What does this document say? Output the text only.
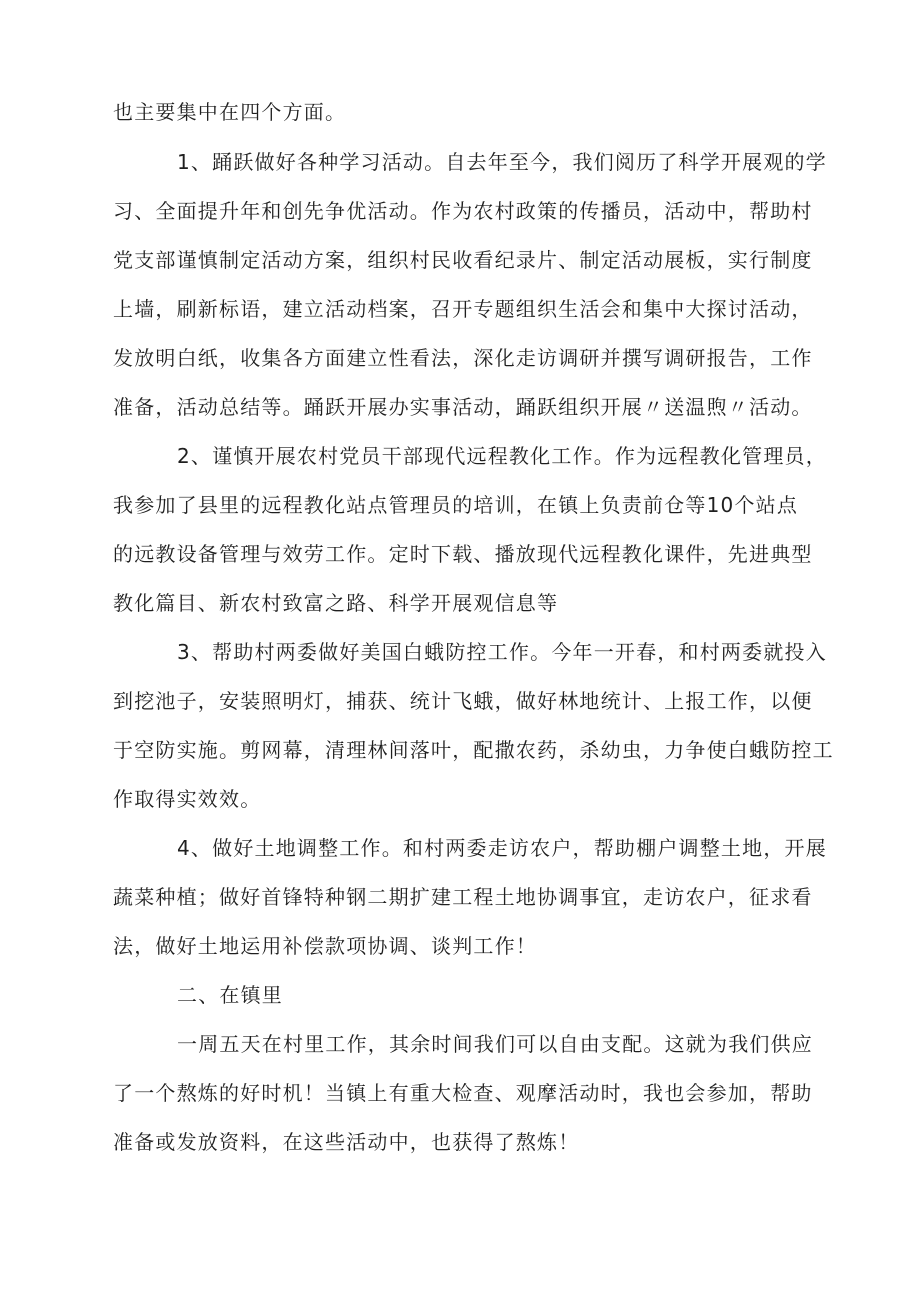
也主要集中在四个方面。
1、踊跃做好各种学习活动。自去年至今，我们阅历了科学开展观的学
习、全面提升年和创先争优活动。作为农村政策的传播员，活动中，帮助村
党支部谨慎制定活动方案，组织村民收看纪录片、制定活动展板，实行制度
上墙，刷新标语，建立活动档案，召开专题组织生活会和集中大探讨活动，
发放明白纸，收集各方面建立性看法，深化走访调研并撰写调研报告，工作
准备，活动总结等。踊跃开展办实事活动，踊跃组织开展〃送温煦〃活动。
2、谨慎开展农村党员干部现代远程教化工作。作为远程教化管理员，
我参加了县里的远程教化站点管理员的培训，在镇上负责前仓等10个站点
的远教设备管理与效劳工作。定时下载、播放现代远程教化课件，先进典型
教化篇目、新农村致富之路、科学开展观信息等
3、帮助村两委做好美国白蛾防控工作。今年一开春，和村两委就投入
到挖池子，安装照明灯，捕获、统计飞蛾，做好林地统计、上报工作，以便
于空防实施。剪网幕，清理林间落叶，配撒农药，杀幼虫，力争使白蛾防控工
作取得实效效。
4、做好土地调整工作。和村两委走访农户，帮助棚户调整土地，开展
蔬菜种植；做好首锋特种钢二期扩建工程土地协调事宜，走访农户，征求看
法，做好土地运用补偿款项协调、谈判工作！
二、在镇里
一周五天在村里工作，其余时间我们可以自由支配。这就为我们供应
了一个熬炼的好时机！当镇上有重大检查、观摩活动时，我也会参加，帮助
准备或发放资料，在这些活动中，也获得了熬炼！
